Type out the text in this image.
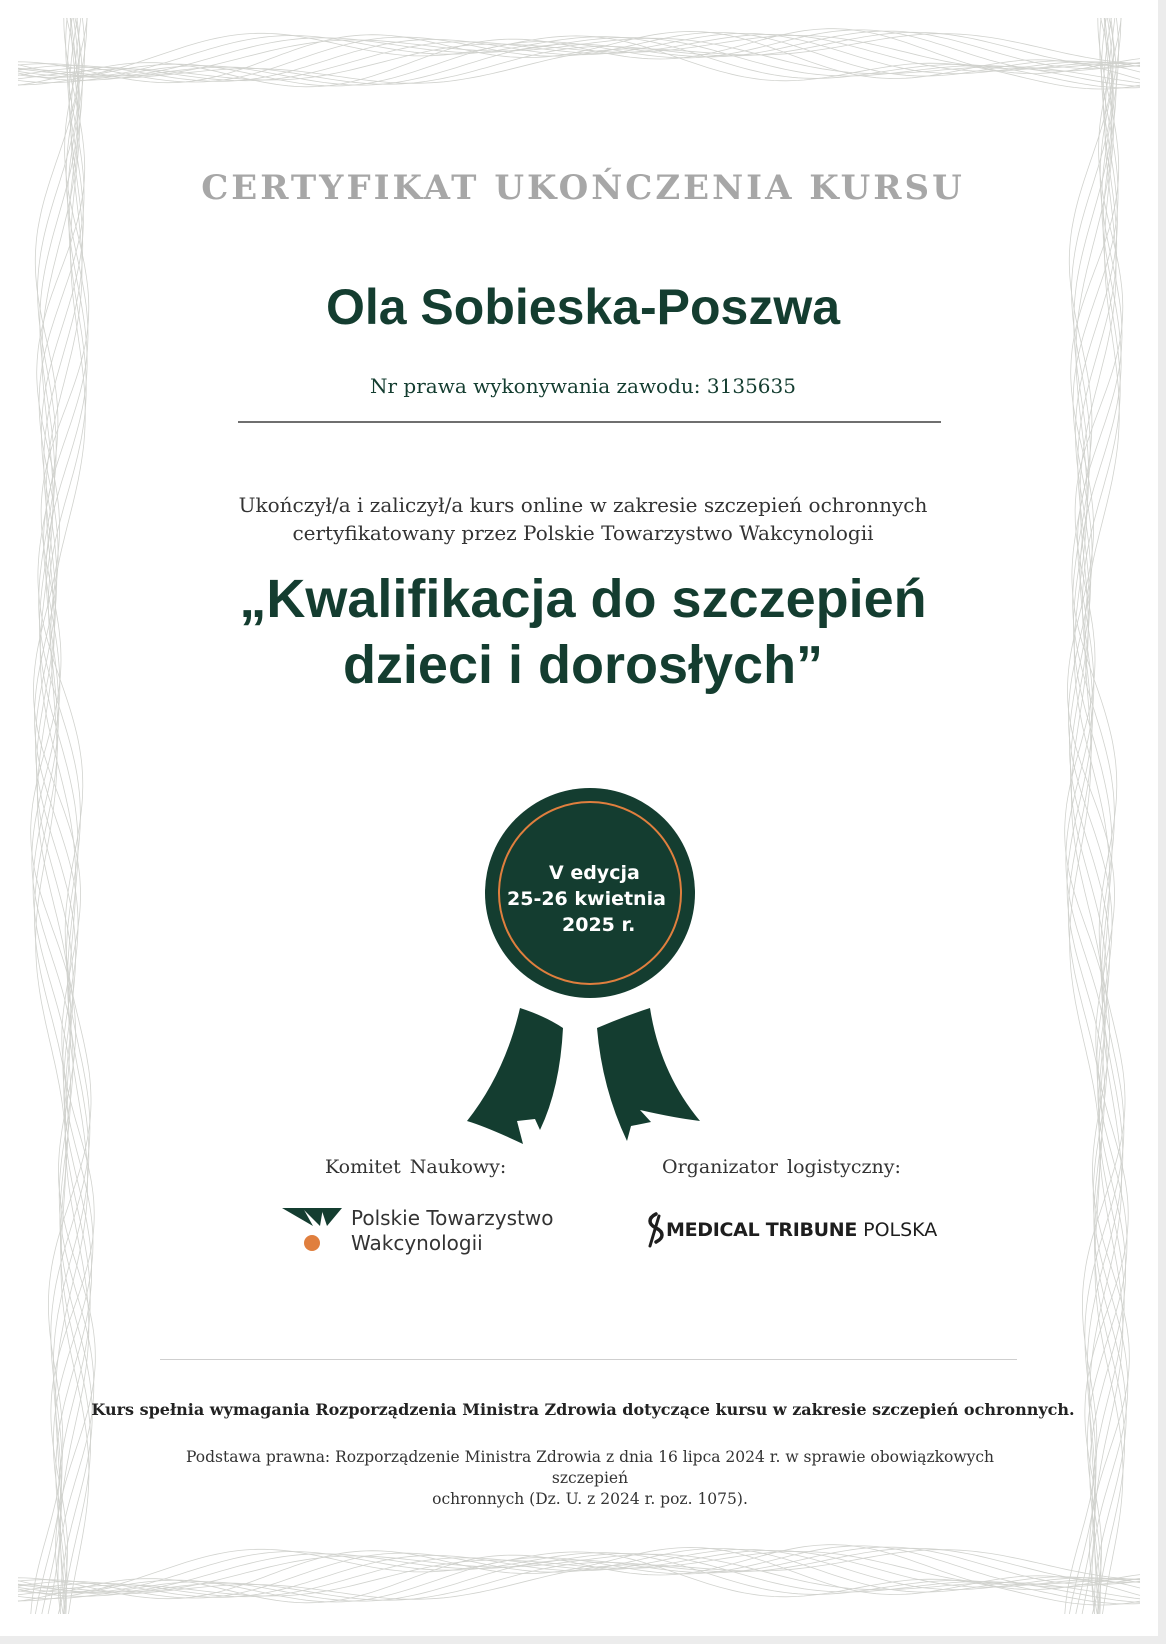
CERTYFIKAT UKOŃCZENIA KURSU
Ola Sobieska-Poszwa
Nr prawa wykonywania zawodu: 3135635
Ukończył/a i zaliczył/a kurs online w zakresie szczepień ochronnych
certyfikatowany przez Polskie Towarzystwo Wakcynologii
„Kwalifikacja do szczepień
dzieci i dorosłych”
V edycja
25-26 kwietnia
2025 r.
Komitet Naukowy:	Organizator logistyczny:
Polskie Towarzystwo
Wakcynologii
MEDICAL TRIBUNE POLSKA
Kurs spełnia wymagania Rozporządzenia Ministra Zdrowia dotyczące kursu w zakresie szczepień ochronnych.
Podstawa prawna: Rozporządzenie Ministra Zdrowia z dnia 16 lipca 2024 r. w sprawie obowiązkowych szczepień
ochronnych (Dz. U. z 2024 r. poz. 1075).
